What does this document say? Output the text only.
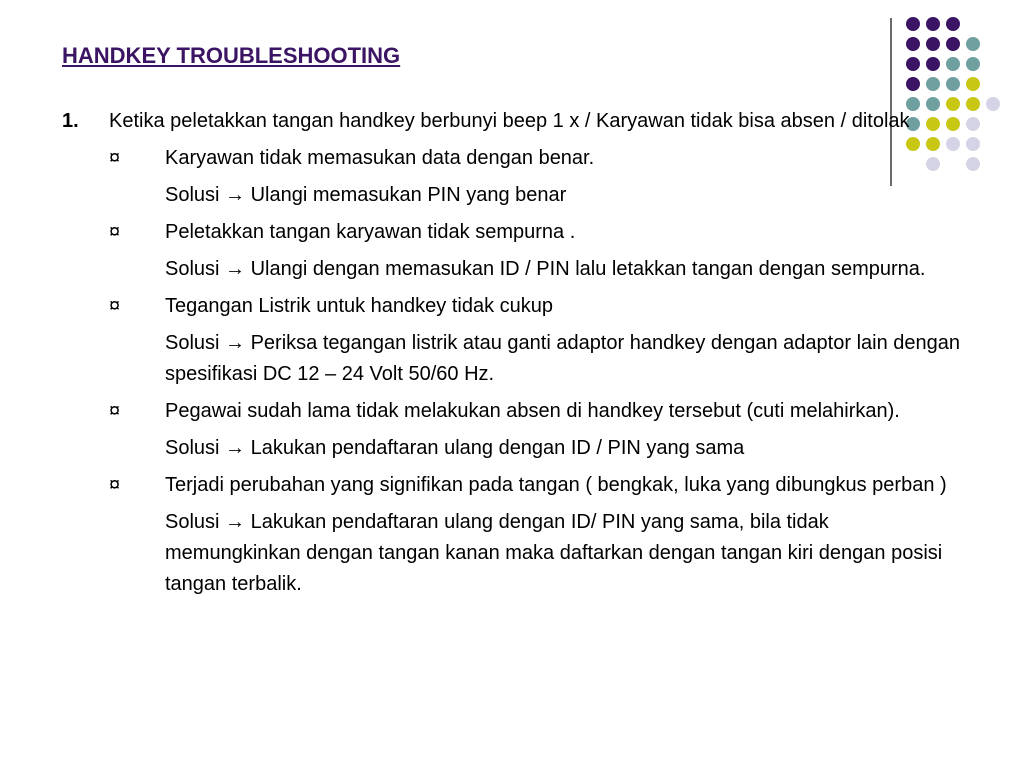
HANDKEY TROUBLESHOOTING
1. Ketika peletakkan tangan handkey berbunyi beep 1 x / Karyawan tidak bisa absen / ditolak
¤ Karyawan tidak memasukan data dengan benar.
Solusi → Ulangi memasukan PIN yang benar
¤ Peletakkan tangan karyawan tidak sempurna .
Solusi → Ulangi dengan memasukan ID / PIN lalu letakkan tangan dengan sempurna.
¤ Tegangan Listrik untuk handkey tidak cukup
Solusi → Periksa tegangan listrik atau ganti adaptor handkey dengan adaptor lain dengan spesifikasi DC 12 – 24 Volt 50/60 Hz.
¤ Pegawai sudah lama tidak melakukan absen di handkey tersebut (cuti melahirkan).
Solusi → Lakukan pendaftaran ulang dengan ID / PIN yang sama
¤ Terjadi perubahan yang signifikan pada tangan ( bengkak, luka yang dibungkus perban )
Solusi → Lakukan pendaftaran ulang dengan ID/ PIN yang sama, bila tidak memungkinkan dengan tangan kanan maka daftarkan dengan tangan kiri dengan posisi tangan terbalik.
